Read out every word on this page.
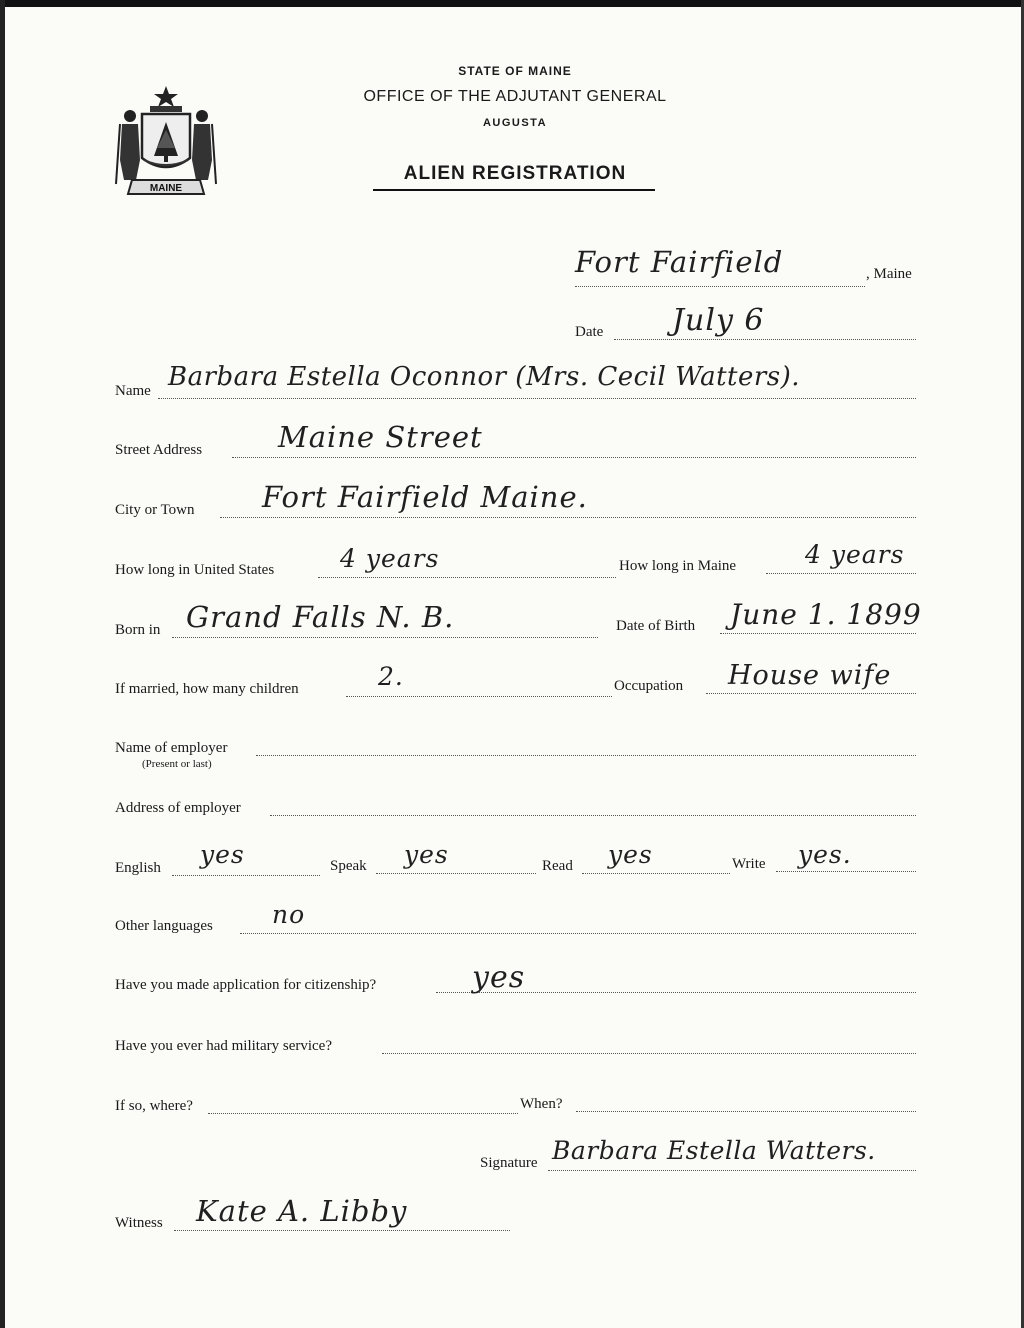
MAINE
STATE OF MAINE
OFFICE OF THE ADJUTANT GENERAL
AUGUSTA
ALIEN REGISTRATION
Fort Fairfield	, Maine
Date July 6
Name Barbara Estella Oconnor (Mrs. Cecil Watters).
Street Address	Maine Street
City or Town Fort Fairfield Maine.
How long in United States	4 years	How long in Maine	4 years
Born in Grand Falls N. B.	Date of Birth June 1. 1899
If married, how many children	2.	Occupation House wife
Name of employer
(Present or last)
Address of employer
English yes	Speak yes	Read yes	Write yes.
Other languages no
Have you made application for citizenship?	yes
Have you ever had military service?
If so, where?	When?
Signature Barbara Estella Watters.
Witness Kate A. Libby
